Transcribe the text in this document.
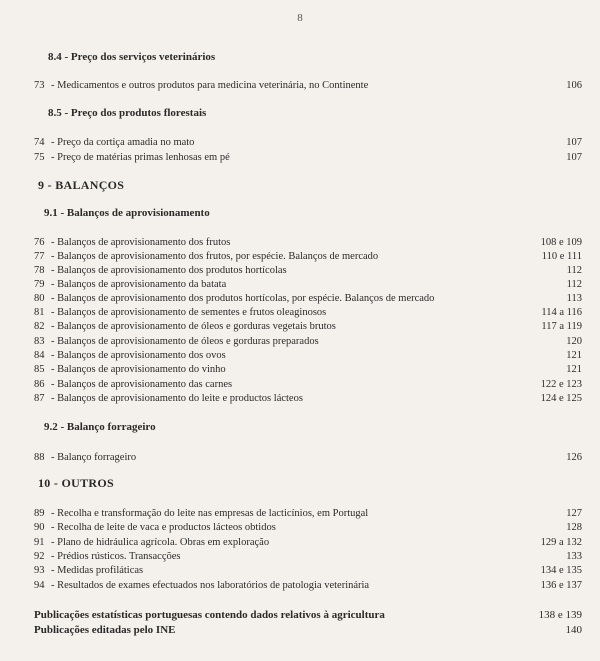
8
8.4 - Preço dos serviços veterinários
73 - Medicamentos e outros produtos para medicina veterinária, no Continente	106
8.5 - Preço dos produtos florestais
74 - Preço da cortiça amadia no mato	107
75 - Preço de matérias primas lenhosas em pé	107
9 - BALANÇOS
9.1 - Balanços de aprovisionamento
76 - Balanços de aprovisionamento dos frutos	108 e 109
77 - Balanços de aprovisionamento dos frutos, por espécie. Balanços de mercado	110 e 111
78 - Balanços de aprovisionamento dos produtos hortícolas	112
79 - Balanços de aprovisionamento da batata	112
80 - Balanços de aprovisionamento dos produtos hortícolas, por espécie. Balanços de mercado	113
81 - Balanços de aprovisionamento de sementes e frutos oleaginosos	114 a 116
82 - Balanços de aprovisionamento de óleos e gorduras vegetais brutos	117 a 119
83 - Balanços de aprovisionamento de óleos e gorduras preparados	120
84 - Balanços de aprovisionamento dos ovos	121
85 - Balanços de aprovisionamento do vinho	121
86 - Balanços de aprovisionamento das carnes	122 e 123
87 - Balanços de aprovisionamento do leite e productos lácteos	124 e 125
9.2 - Balanço forrageiro
88 - Balanço forrageiro	126
10 - OUTROS
89 - Recolha e transformação do leite nas empresas de lacticínios, em Portugal	127
90 - Recolha de leite de vaca e productos lácteos obtidos	128
91 - Plano de hidráulica agrícola. Obras em exploração	129 a 132
92 - Prédios rústicos. Transacções	133
93 - Medidas profiláticas	134 e 135
94 - Resultados de exames efectuados nos laboratórios de patologia veterinária	136 e 137
Publicações estatísticas portuguesas contendo dados relativos à agricultura	138 e 139
Publicações editadas pelo INE	140
